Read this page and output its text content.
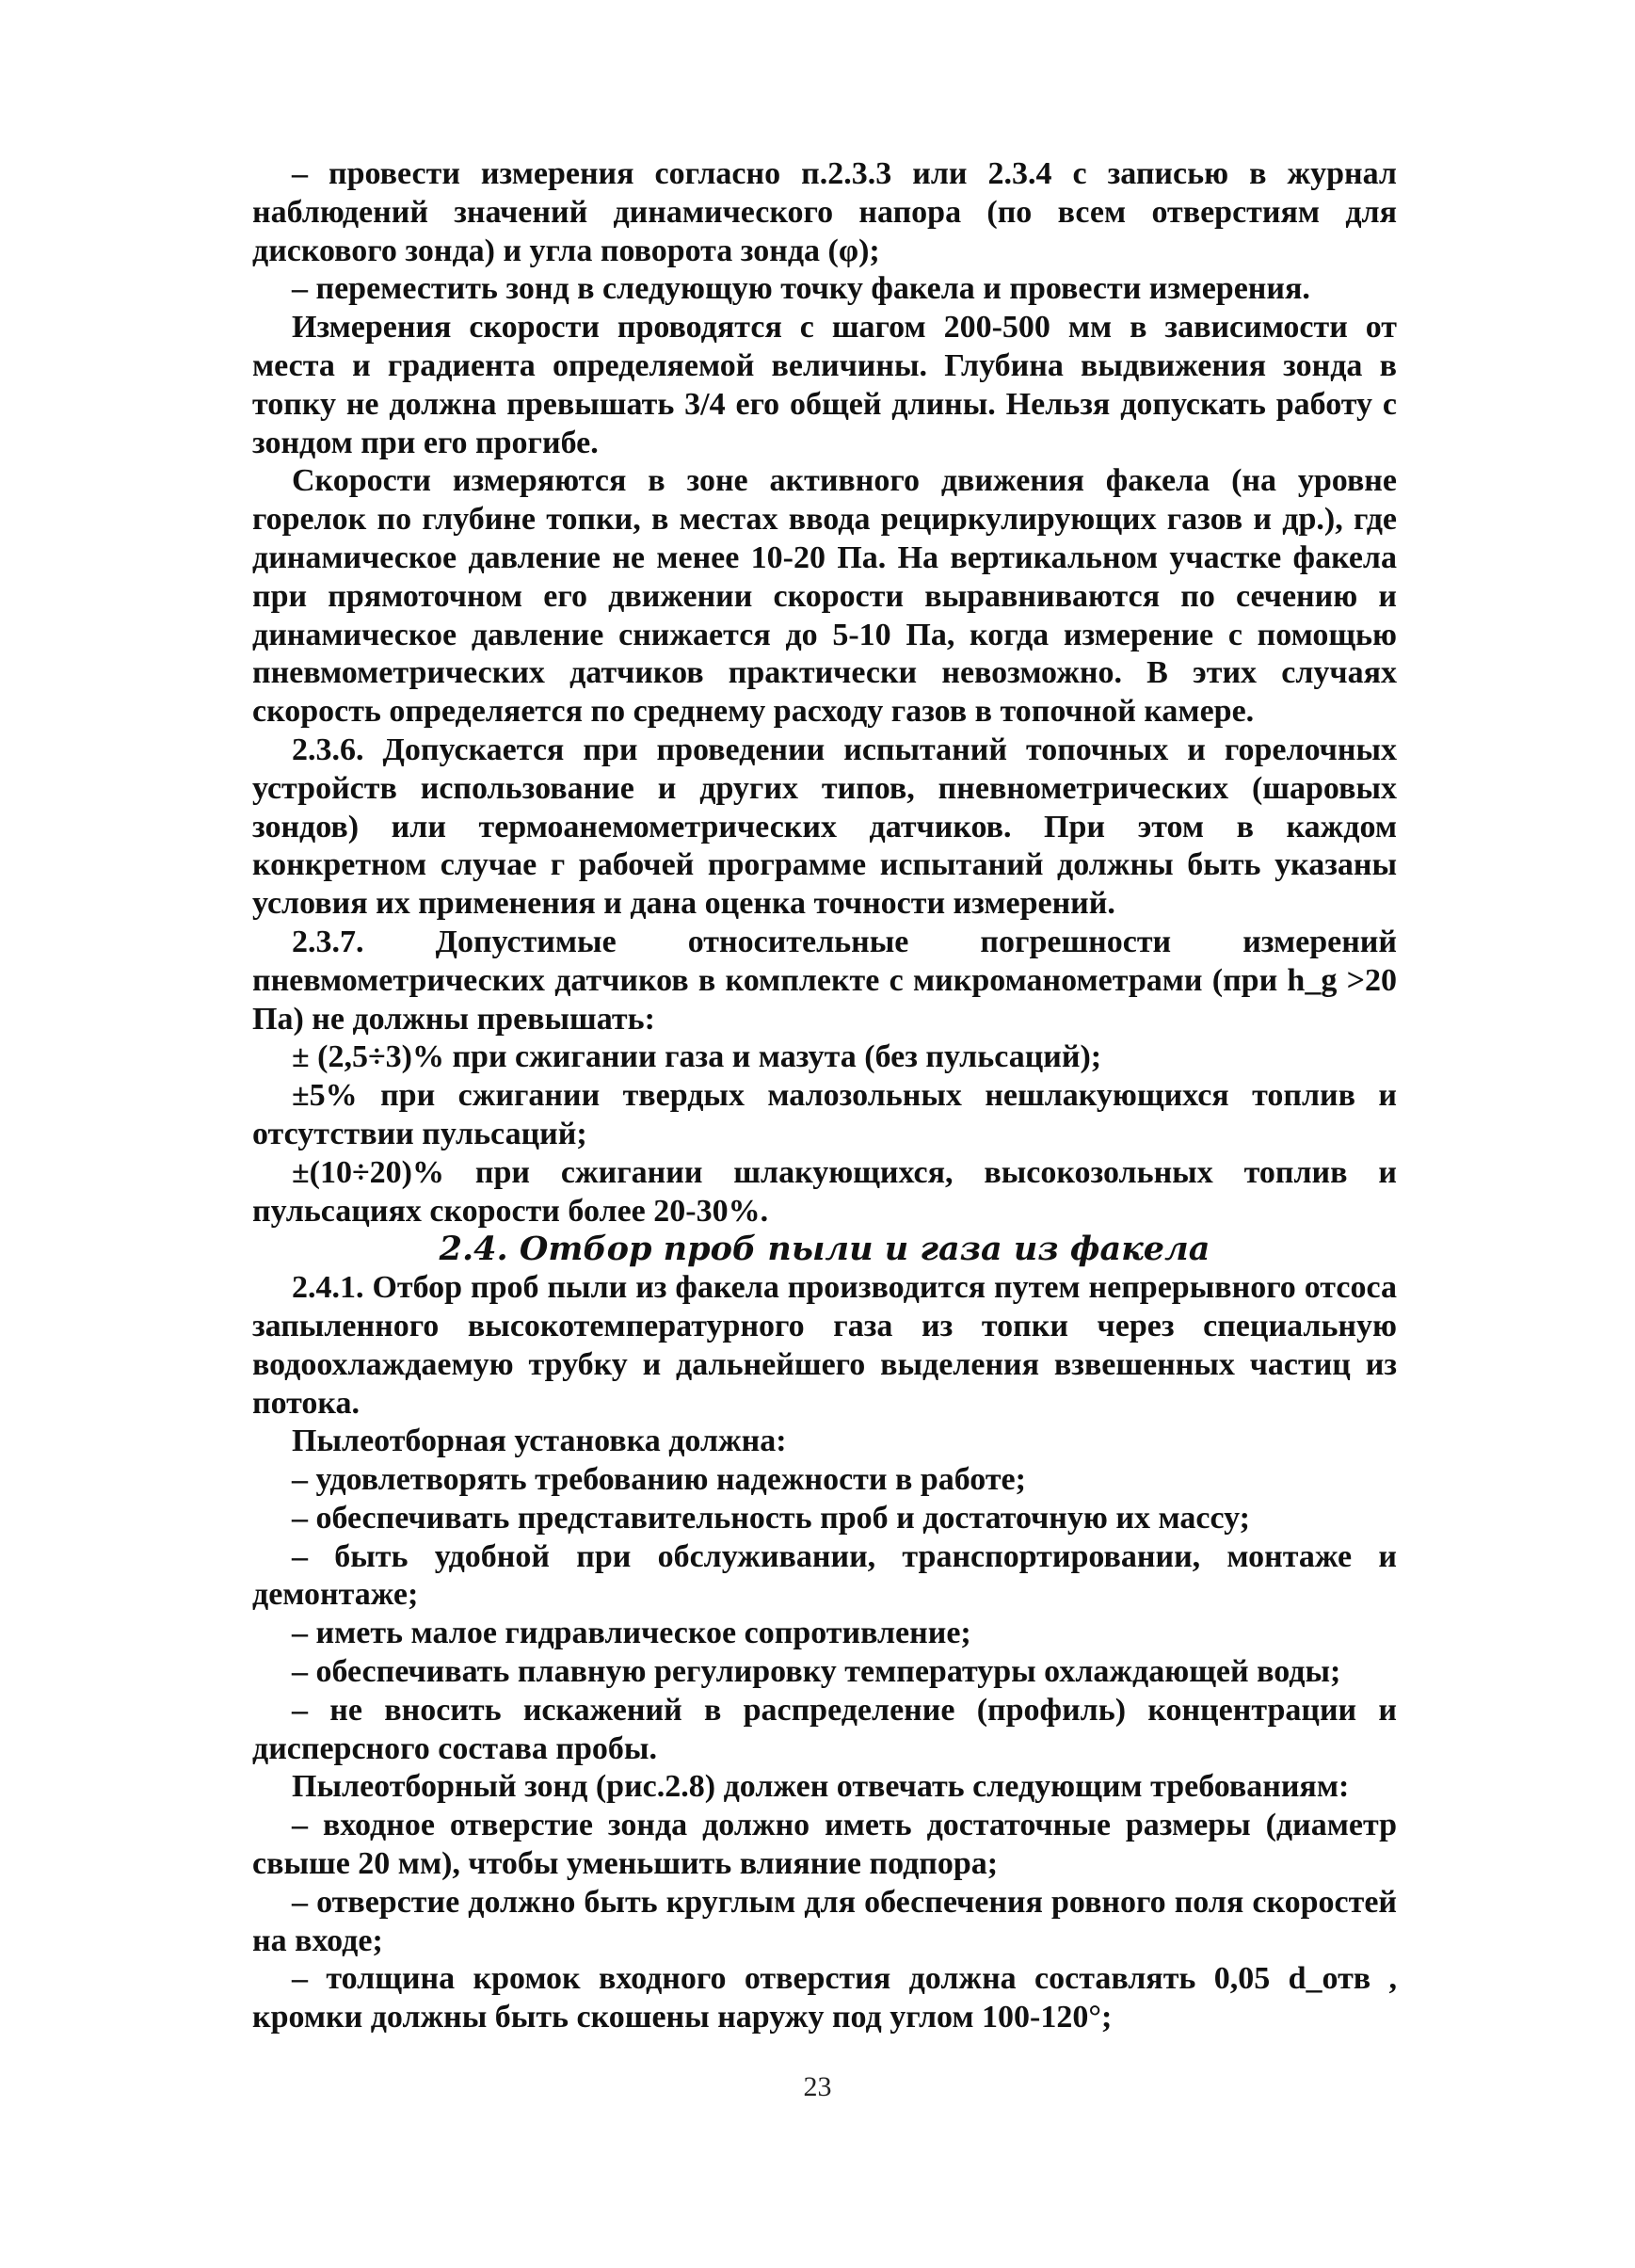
– провести измерения согласно п.2.3.3 или 2.3.4 с записью в журнал наблюдений значений динамического напора (по всем отверстиям для дискового зонда) и угла поворота зонда (φ);

– переместить зонд в следующую точку факела и провести измерения.

Измерения скорости проводятся с шагом 200-500 мм в зависимости от места и градиента определяемой величины. Глубина выдвижения зонда в топку не должна превышать 3/4 его общей длины. Нельзя допускать работу с зондом при его прогибе.

Скорости измеряются в зоне активного движения факела (на уровне горелок по глубине топки, в местах ввода рециркулирующих газов и др.), где динамическое давление не менее 10-20 Па. На вертикальном участке факела при прямоточном его движении скорости выравниваются по сечению и динамическое давление снижается до 5-10 Па, когда измерение с помощью пневмометрических датчиков практически невозможно. В этих случаях скорость определяется по среднему расходу газов в топочной камере.

2.3.6. Допускается при проведении испытаний топочных и горелочных устройств использование и других типов, пневнометрических (шаровых зондов) или термоанемометрических датчиков. При этом в каждом конкретном случае г рабочей программе испытаний должны быть указаны условия их применения и дана оценка точности измерений.

2.3.7. Допустимые относительные погрешности измерений пневмометрических датчиков в комплекте с микроманометрами (при h_g >20 Па) не должны превышать:

± (2,5÷3)% при сжигании газа и мазута (без пульсаций);

±5% при сжигании твердых малозольных нешлакующихся топлив и отсутствии пульсаций;

±(10÷20)% при сжигании шлакующихся, высокозольных топлив и пульсациях скорости более 20-30%.

2.4. Отбор проб пыли и газа из факела

2.4.1. Отбор проб пыли из факела производится путем непрерывного отсоса запыленного высокотемпературного газа из топки через специальную водоохлаждаемую трубку и дальнейшего выделения взвешенных частиц из потока.

Пылеотборная установка должна:

– удовлетворять требованию надежности в работе;

– обеспечивать представительность проб и достаточную их массу;

– быть удобной при обслуживании, транспортировании, монтаже и демонтаже;

– иметь малое гидравлическое сопротивление;

– обеспечивать плавную регулировку температуры охлаждающей воды;

– не вносить искажений в распределение (профиль) концентрации и дисперсного состава пробы.

Пылеотборный зонд (рис.2.8) должен отвечать следующим требованиям:

– входное отверстие зонда должно иметь достаточные размеры (диаметр свыше 20 мм), чтобы уменьшить влияние подпора;

– отверстие должно быть круглым для обеспечения ровного поля скоростей на входе;

– толщина кромок входного отверстия должна составлять 0,05 d_отв , кромки должны быть скошены наружу под углом 100-120°;

23
